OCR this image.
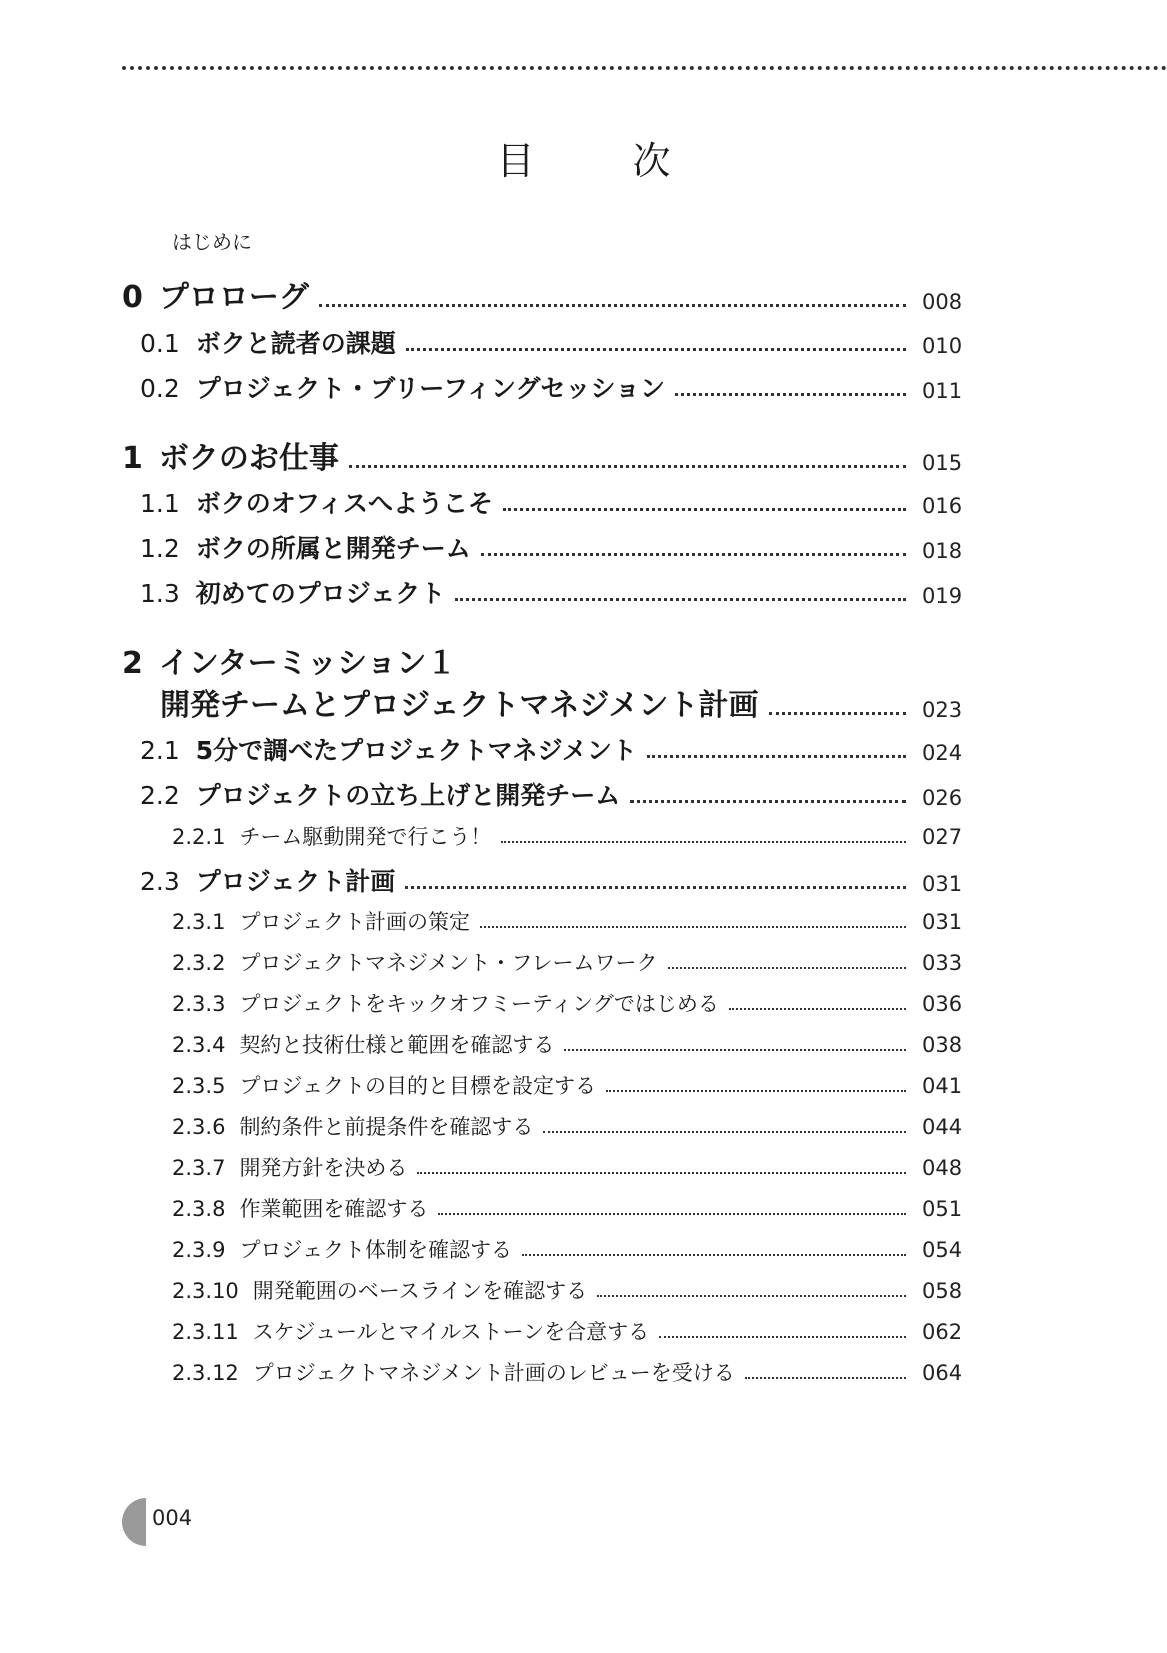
目　次
はじめに
0 プロローグ	008
0.1 ボクと読者の課題	010
0.2 プロジェクト・ブリーフィングセッション	011
1 ボクのお仕事	015
1.1 ボクのオフィスへようこそ	016
1.2 ボクの所属と開発チーム	018
1.3 初めてのプロジェクト	019
2 インターミッション１
開発チームとプロジェクトマネジメント計画	023
2.1 5分で調べたプロジェクトマネジメント	024
2.2 プロジェクトの立ち上げと開発チーム	026
2.2.1 チーム駆動開発で行こう！	027
2.3 プロジェクト計画	031
2.3.1 プロジェクト計画の策定	031
2.3.2 プロジェクトマネジメント・フレームワーク	033
2.3.3 プロジェクトをキックオフミーティングではじめる	036
2.3.4 契約と技術仕様と範囲を確認する	038
2.3.5 プロジェクトの目的と目標を設定する	041
2.3.6 制約条件と前提条件を確認する	044
2.3.7 開発方針を決める	048
2.3.8 作業範囲を確認する	051
2.3.9 プロジェクト体制を確認する	054
2.3.10 開発範囲のベースラインを確認する	058
2.3.11 スケジュールとマイルストーンを合意する	062
2.3.12 プロジェクトマネジメント計画のレビューを受ける	064
004
